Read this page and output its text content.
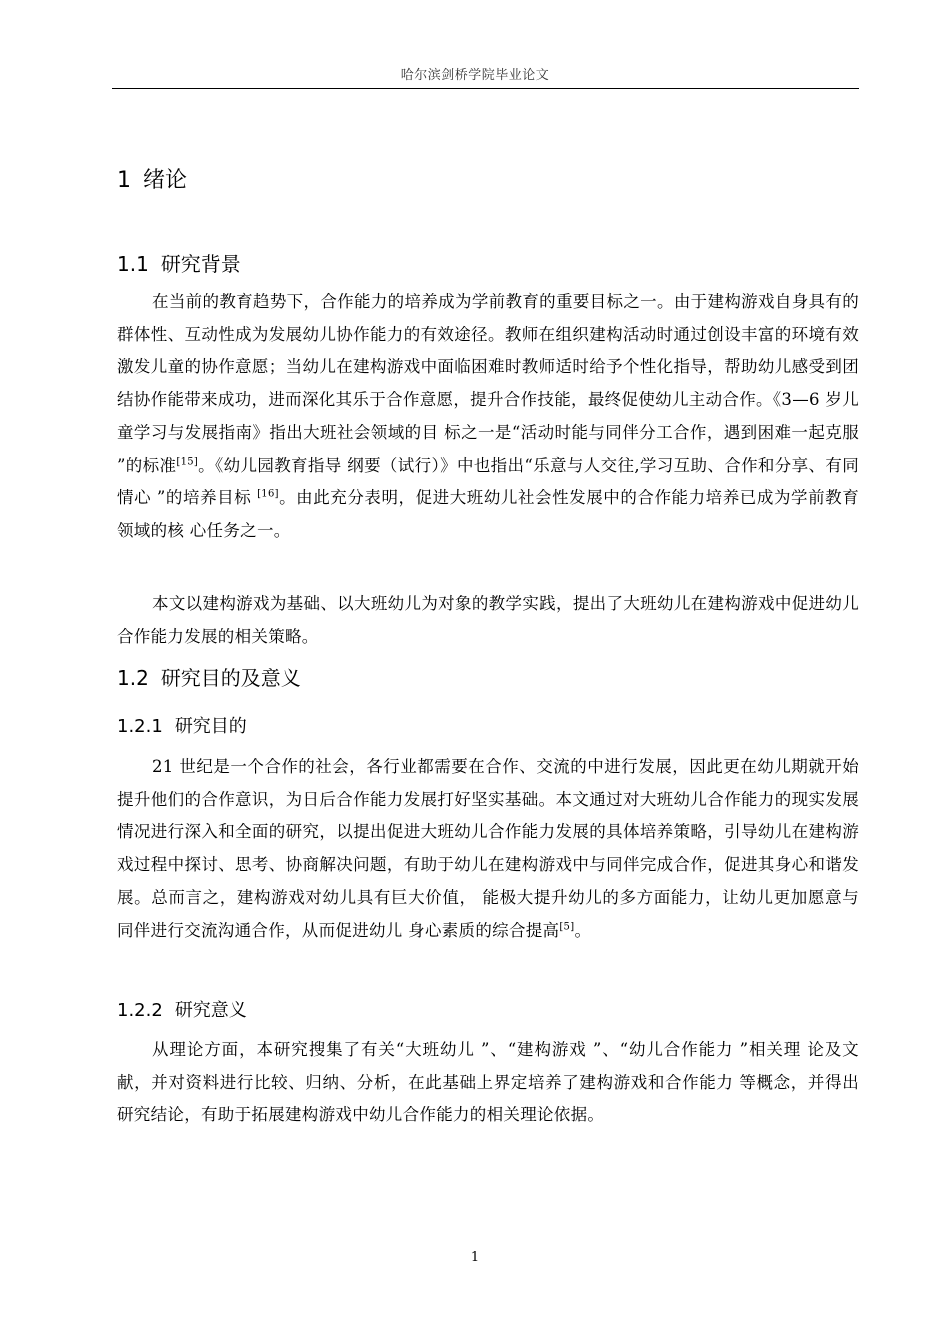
哈尔滨剑桥学院毕业论文
1 绪论
1.1 研究背景

在当前的教育趋势下，合作能力的培养成为学前教育的重要目标之一。由于建构游戏自身具有的群体性、互动性成为发展幼儿协作能力的有效途径。教师在组织建构活动时通过创设丰富的环境有效激发儿童的协作意愿；当幼儿在建构游戏中面临困难时教师适时给予个性化指导，帮助幼儿感受到团结协作能带来成功，进而深化其乐于合作意愿，提升合作技能，最终促使幼儿主动合作。《3—6 岁儿童学习与发展指南》指出大班社会领域的目 标之一是“活动时能与同伴分工合作，遇到困难一起克服 ”的标准[15]。《幼儿园教育指导 纲要（试行）》中也指出“乐意与人交往,学习互助、合作和分享、有同情心 ”的培养目标 [16]。由此充分表明，促进大班幼儿社会性发展中的合作能力培养已成为学前教育领域的核 心任务之一。

本文以建构游戏为基础、以大班幼儿为对象的教学实践，提出了大班幼儿在建构游戏中促进幼儿合作能力发展的相关策略。

1.2 研究目的及意义
1.2.1 研究目的

21 世纪是一个合作的社会，各行业都需要在合作、交流的中进行发展，因此更在幼儿期就开始提升他们的合作意识，为日后合作能力发展打好坚实基础。本文通过对大班幼儿合作能力的现实发展情况进行深入和全面的研究，以提出促进大班幼儿合作能力发展的具体培养策略，引导幼儿在建构游戏过程中探讨、思考、协商解决问题，有助于幼儿在建构游戏中与同伴完成合作，促进其身心和谐发展。总而言之，建构游戏对幼儿具有巨大价值， 能极大提升幼儿的多方面能力，让幼儿更加愿意与同伴进行交流沟通合作，从而促进幼儿 身心素质的综合提高[5]。

1.2.2 研究意义

从理论方面，本研究搜集了有关“大班幼儿 ”、“建构游戏 ”、“幼儿合作能力 ”相关理 论及文献，并对资料进行比较、归纳、分析，在此基础上界定培养了建构游戏和合作能力 等概念，并得出研究结论，有助于拓展建构游戏中幼儿合作能力的相关理论依据。

1
